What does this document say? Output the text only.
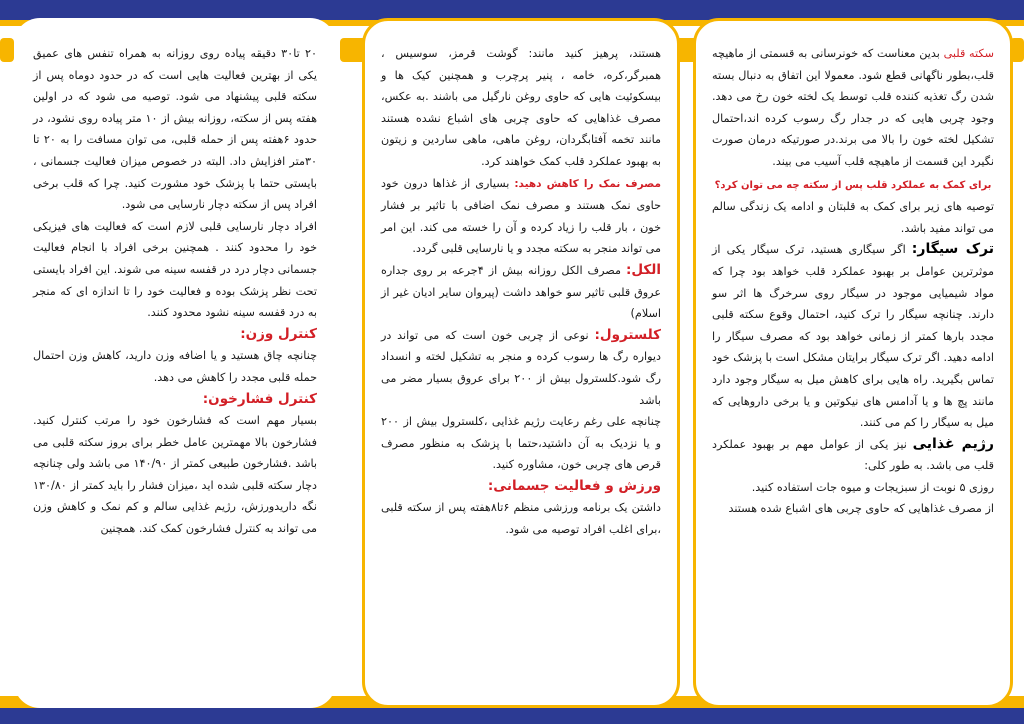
سکته قلبی بدین معناست که خونرسانی به قسمتی از ماهیچه قلب،بطور ناگهانی قطع شود. معمولا این اتفاق به دنبال بسته شدن رگ تغذیه کننده قلب توسط یک لخته خون رخ می دهد. وجود چربی هایی که در جدار رگ رسوب کرده اند،احتمال تشکیل لخته خون را بالا می برند.در صورتیکه درمان صورت نگیرد این قسمت از ماهیچه قلب آسیب می بیند.

برای کمک به عملکرد قلب پس از سکته چه می توان کرد؟

توصیه های زیر برای کمک به قلبتان و ادامه یک زندگی سالم می تواند مفید باشد.

ترک سیگار: اگر سیگاری هستید، ترک سیگار یکی از موثرترین عوامل بر بهبود عملکرد قلب خواهد بود چرا که مواد شیمیایی موجود در سیگار روی سرخرگ ها اثر سو دارند. چنانچه سیگار را ترک کنید، احتمال وقوع سکته قلبی مجدد بارها کمتر از زمانی خواهد بود که مصرف سیگار را ادامه دهید. اگر ترک سیگار برایتان مشکل است با پزشک خود تماس بگیرید. راه هایی برای کاهش میل به سیگار وجود دارد مانند پچ ها و یا آدامس های نیکوتین و یا برخی داروهایی که میل به سیگار را کم می کنند.

رژیم غذایی نیز یکی از عوامل مهم بر بهبود عملکرد قلب می باشد. به طور کلی:

روزی ۵ نوبت از سبزیجات و میوه جات استفاده کنید.

از مصرف غذاهایی که حاوی چربی های اشباع شده هستند

هستند، پرهیز کنید مانند: گوشت قرمز، سوسیس ، همبرگر،کره، خامه ، پنیر پرچرب و همچنین کیک ها و بیسکوئیت هایی که حاوی روغن نارگیل می باشند .به عکس، مصرف غذاهایی که حاوی چربی های اشباع نشده هستند مانند تخمه آفتابگردان، روغن ماهی، ماهی ساردین و زیتون به بهبود عملکرد قلب کمک خواهند کرد.

مصرف نمک را کاهش دهید: بسیاری از غذاها درون خود حاوی نمک هستند و مصرف نمک اضافی با تاثیر بر فشار خون ، بار قلب را زیاد کرده و آن را خسته می کند. این امر می تواند منجر به سکته مجدد و یا نارسایی قلبی گردد.

الکل: مصرف الکل روزانه بیش از ۴جرعه بر روی جداره عروق قلبی تاثیر سو خواهد داشت (پیروان سایر ادیان غیر از اسلام)

کلسترول: نوعی از چربی خون است که می تواند در دیواره رگ ها رسوب کرده و منجر به تشکیل لخته و انسداد رگ شود.کلسترول بیش از ۲۰۰ برای عروق بسیار مضر می باشد

چنانچه علی رغم رعایت رژیم غذایی ،کلسترول بیش از ۲۰۰ و یا نزدیک به آن داشتید،حتما با پزشک به منظور مصرف قرص های چربی خون، مشاوره کنید.

ورزش و فعالیت جسمانی:

داشتن یک برنامه ورزشی منظم ۶تا۸هفته پس از سکته قلبی ،برای اغلب افراد توصیه می شود.

۲۰ تا۳۰ دقیقه پیاده روی روزانه به همراه تنفس های عمیق یکی از بهترین فعالیت هایی است که در حدود دوماه پس از سکته قلبی پیشنهاد می شود. توصیه می شود که در اولین هفته پس از سکته، روزانه بیش از ۱۰ متر پیاده روی نشود، در حدود ۶هفته پس از حمله قلبی، می توان مسافت را به ۲۰ تا ۳۰متر افزایش داد. البته در خصوص میزان فعالیت جسمانی ، بایستی حتما با پزشک خود مشورت کنید. چرا که قلب برخی افراد پس از سکته دچار نارسایی می شود.

افراد دچار نارسایی قلبی لازم است که فعالیت های فیزیکی خود را محدود کنند . همچنین برخی افراد با انجام فعالیت جسمانی دچار درد در قفسه سینه می شوند. این افراد بایستی تحت نظر پزشک بوده و فعالیت خود را تا اندازه ای که منجر به درد قفسه سینه نشود محدود کنند.

کنترل وزن:

چنانچه چاق هستید و یا اضافه وزن دارید، کاهش وزن احتمال حمله قلبی مجدد را کاهش می دهد.

کنترل فشارخون:

بسیار مهم است که فشارخون خود را مرتب کنترل کنید. فشارخون بالا مهمترین عامل خطر برای بروز سکته قلبی می باشد .فشارخون طبیعی کمتر از ۱۴۰/۹۰ می باشد ولی چنانچه دچار سکته قلبی شده اید ،میزان فشار را باید کمتر از ۱۳۰/۸۰ نگه داریدورزش، رژیم غذایی سالم و کم نمک و کاهش وزن می تواند به کنترل فشارخون کمک کند. همچنین
